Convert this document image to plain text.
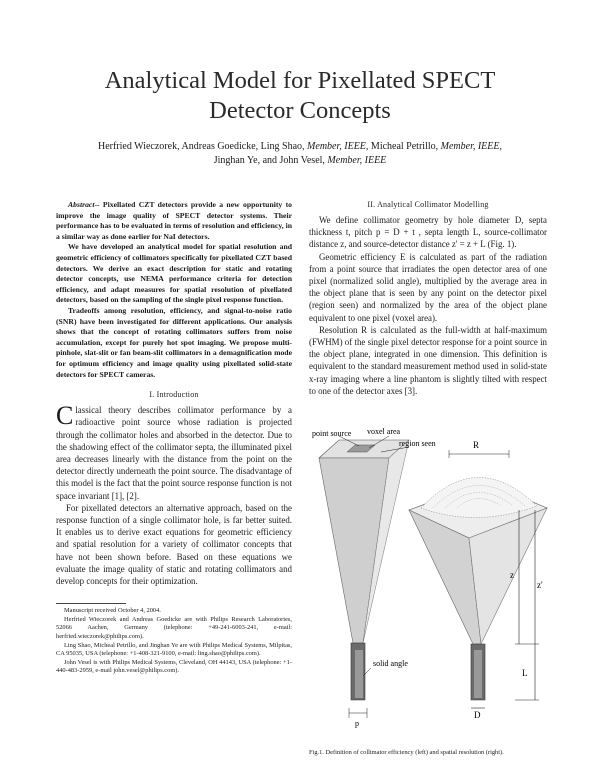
Analytical Model for Pixellated SPECT
Detector Concepts
Herfried Wieczorek, Andreas Goedicke, Ling Shao, Member, IEEE, Micheal Petrillo, Member, IEEE,
Jinghan Ye, and John Vesel, Member, IEEE

Abstract-- Pixellated CZT detectors provide a new opportunity to improve the image quality of SPECT detector systems. Their performance has to be evaluated in terms of resolution and efficiency, in a similar way as done earlier for NaI detectors.

We have developed an analytical model for spatial resolution and geometric efficiency of collimators specifically for pixellated CZT based detectors. We derive an exact description for static and rotating detector concepts, use NEMA performance criteria for detection efficiency, and adapt measures for spatial resolution of pixellated detectors, based on the sampling of the single pixel response function.

Tradeoffs among resolution, efficiency, and signal-to-noise ratio (SNR) have been investigated for different applications. Our analysis shows that the concept of rotating collimators suffers from noise accumulation, except for purely hot spot imaging. We propose multi-pinhole, slat-slit or fan beam-slit collimators in a demagnification mode for optimum efficiency and image quality using pixellated solid-state detectors for SPECT cameras.

I. Introduction

Classical theory describes collimator performance by a radioactive point source whose radiation is projected through the collimator holes and absorbed in the detector. Due to the shadowing effect of the collimator septa, the illuminated pixel area decreases linearly with the distance from the point on the detector directly underneath the point source. The disadvantage of this model is the fact that the point source response function is not space invariant [1], [2].

For pixellated detectors an alternative approach, based on the response function of a single collimator hole, is far better suited. It enables us to derive exact equations for geometric efficiency and spatial resolution for a variety of collimator concepts that have not been shown before. Based on these equations we evaluate the image quality of static and rotating collimators and develop concepts for their optimization.

Manuscript received October 4, 2004.

Herfried Wieczorek and Andreas Goedicke are with Philips Research Laboratories, 52066 Aachen, Germany (telephone: +49-241-6003-241, e-mail: herfried.wieczorek@philips.com).

Ling Shao, Micheal Petrillo, and Jinghan Ye are with Philips Medical Systems, Milpitas, CA 95035, USA (telephone: +1-408-321-9100, e-mail: ling.shao@philips.com).

John Vesel is with Philips Medical Systems, Cleveland, OH 44143, USA (telephone: +1-440-483-2959, e-mail john.vesel@philips.com).

II. Analytical Collimator Modelling

We define collimator geometry by hole diameter D, septa thickness t, pitch p = D + t , septa length L, source-collimator distance z, and source-detector distance z' = z + L (Fig. 1).

Geometric efficiency E is calculated as part of the radiation from a point source that irradiates the open detector area of one pixel (normalized solid angle), multiplied by the average area in the object plane that is seen by any point on the detector pixel (region seen) and normalized by the area of the object plane equivalent to one pixel (voxel area).

Resolution R is calculated as the full-width at half-maximum (FWHM) of the single pixel detector response for a point source in the object plane, integrated in one dimension. This definition is equivalent to the standard measurement method used in solid-state x-ray imaging where a line phantom is slightly tilted with respect to one of the detector axes [3].

point source voxel area
region seen
solid angle
p
R
z
z'
L
D
Fig.1. Definition of collimator efficiency (left) and spatial resolution (right).
